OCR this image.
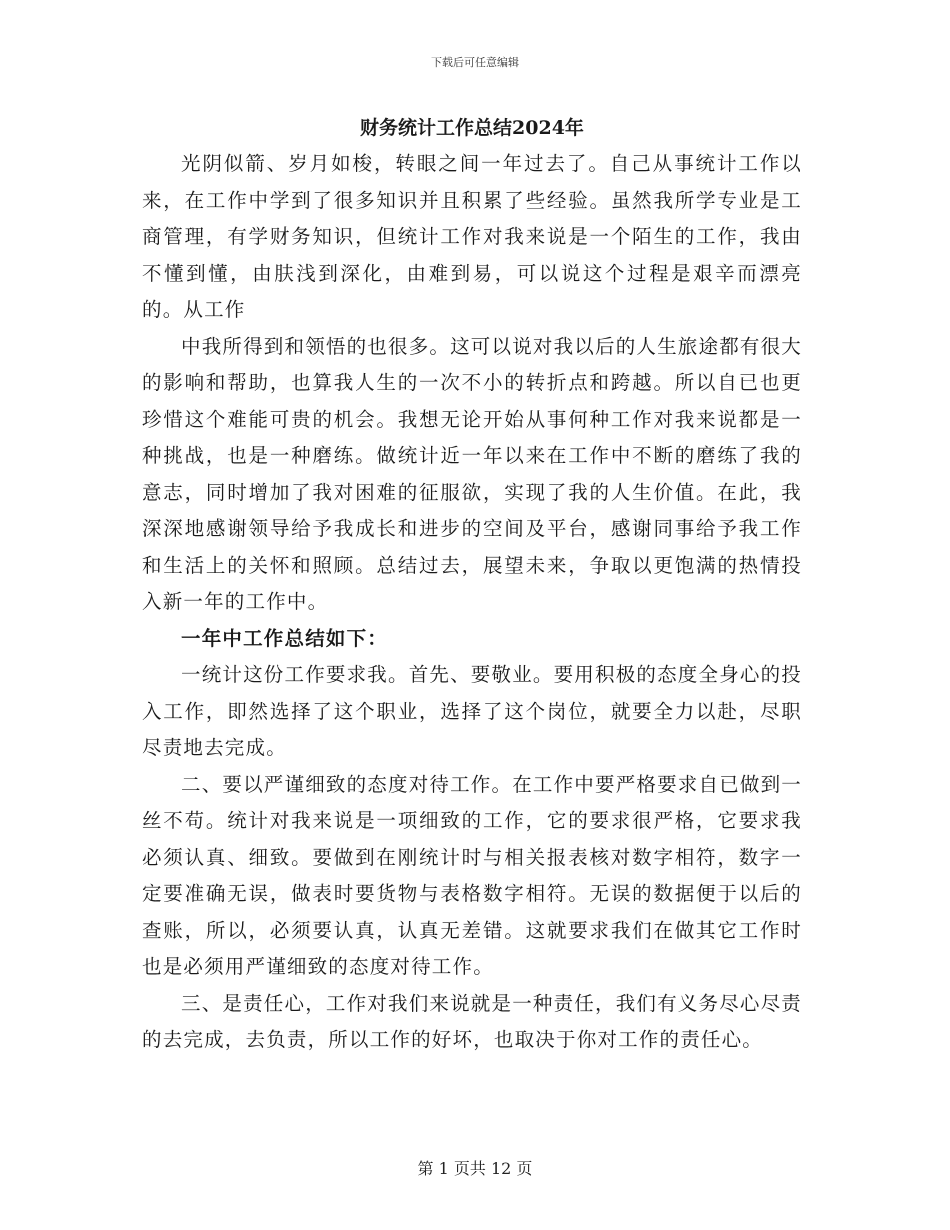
下载后可任意编辑
财务统计工作总结2024年

光阴似箭、岁月如梭，转眼之间一年过去了。自己从事统计工作以来，在工作中学到了很多知识并且积累了些经验。虽然我所学专业是工商管理，有学财务知识，但统计工作对我来说是一个陌生的工作，我由不懂到懂，由肤浅到深化，由难到易，可以说这个过程是艰辛而漂亮的。从工作

中我所得到和领悟的也很多。这可以说对我以后的人生旅途都有很大的影响和帮助，也算我人生的一次不小的转折点和跨越。所以自已也更珍惜这个难能可贵的机会。我想无论开始从事何种工作对我来说都是一种挑战，也是一种磨练。做统计近一年以来在工作中不断的磨练了我的意志，同时增加了我对困难的征服欲，实现了我的人生价值。在此，我深深地感谢领导给予我成长和进步的空间及平台，感谢同事给予我工作和生活上的关怀和照顾。总结过去，展望未来，争取以更饱满的热情投入新一年的工作中。

一年中工作总结如下：

一统计这份工作要求我。首先、要敬业。要用积极的态度全身心的投入工作，即然选择了这个职业，选择了这个岗位，就要全力以赴，尽职尽责地去完成。

二、要以严谨细致的态度对待工作。在工作中要严格要求自已做到一丝不苟。统计对我来说是一项细致的工作，它的要求很严格，它要求我必须认真、细致。要做到在刚统计时与相关报表核对数字相符，数字一定要准确无误，做表时要货物与表格数字相符。无误的数据便于以后的查账，所以，必须要认真，认真无差错。这就要求我们在做其它工作时也是必须用严谨细致的态度对待工作。

三、是责任心，工作对我们来说就是一种责任，我们有义务尽心尽责的去完成，去负责，所以工作的好坏，也取决于你对工作的责任心。

第 1 页共 12 页
